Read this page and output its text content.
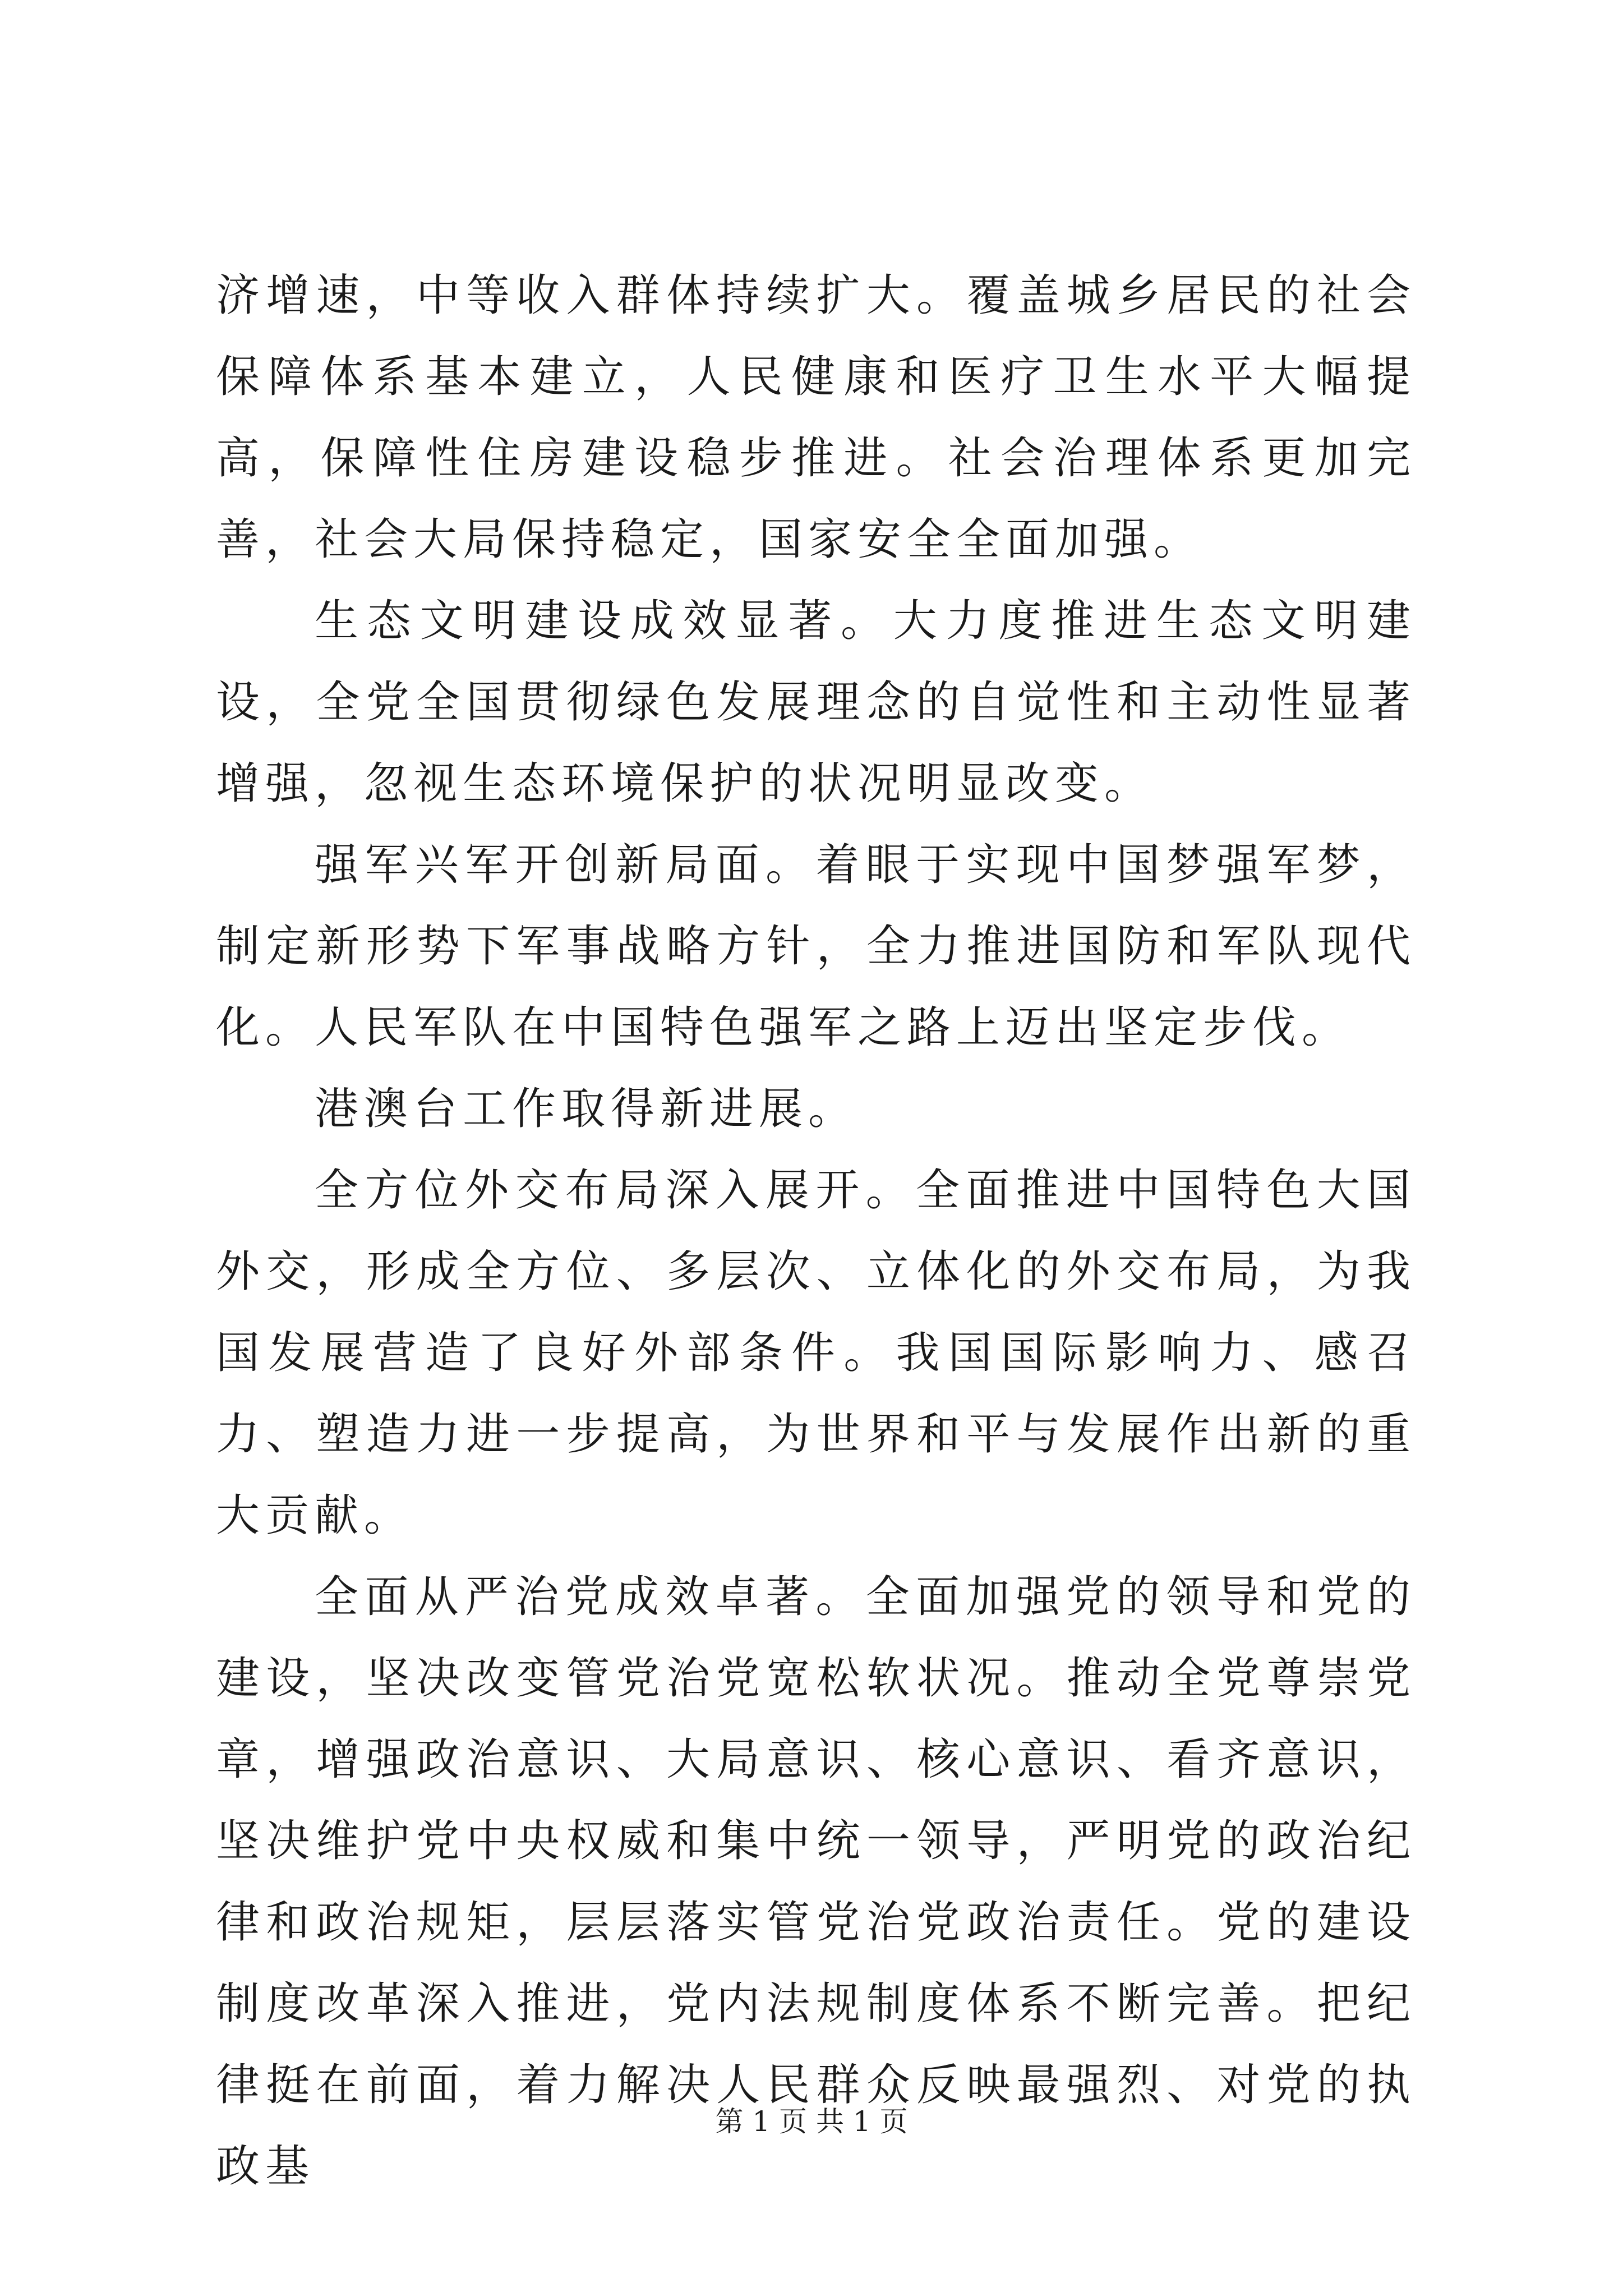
济增速，中等收入群体持续扩大。覆盖城乡居民的社会保障体系基本建立，人民健康和医疗卫生水平大幅提高，保障性住房建设稳步推进。社会治理体系更加完善，社会大局保持稳定，国家安全全面加强。

生态文明建设成效显著。大力度推进生态文明建设，全党全国贯彻绿色发展理念的自觉性和主动性显著增强，忽视生态环境保护的状况明显改变。

强军兴军开创新局面。着眼于实现中国梦强军梦，制定新形势下军事战略方针，全力推进国防和军队现代化。人民军队在中国特色强军之路上迈出坚定步伐。

港澳台工作取得新进展。

全方位外交布局深入展开。全面推进中国特色大国外交，形成全方位、多层次、立体化的外交布局，为我国发展营造了良好外部条件。我国国际影响力、感召力、塑造力进一步提高，为世界和平与发展作出新的重大贡献。

全面从严治党成效卓著。全面加强党的领导和党的建设，坚决改变管党治党宽松软状况。推动全党尊崇党章，增强政治意识、大局意识、核心意识、看齐意识，坚决维护党中央权威和集中统一领导，严明党的政治纪律和政治规矩，层层落实管党治党政治责任。党的建设制度改革深入推进，党内法规制度体系不断完善。把纪律挺在前面，着力解决人民群众反映最强烈、对党的执政基

第 1 页 共 1 页
